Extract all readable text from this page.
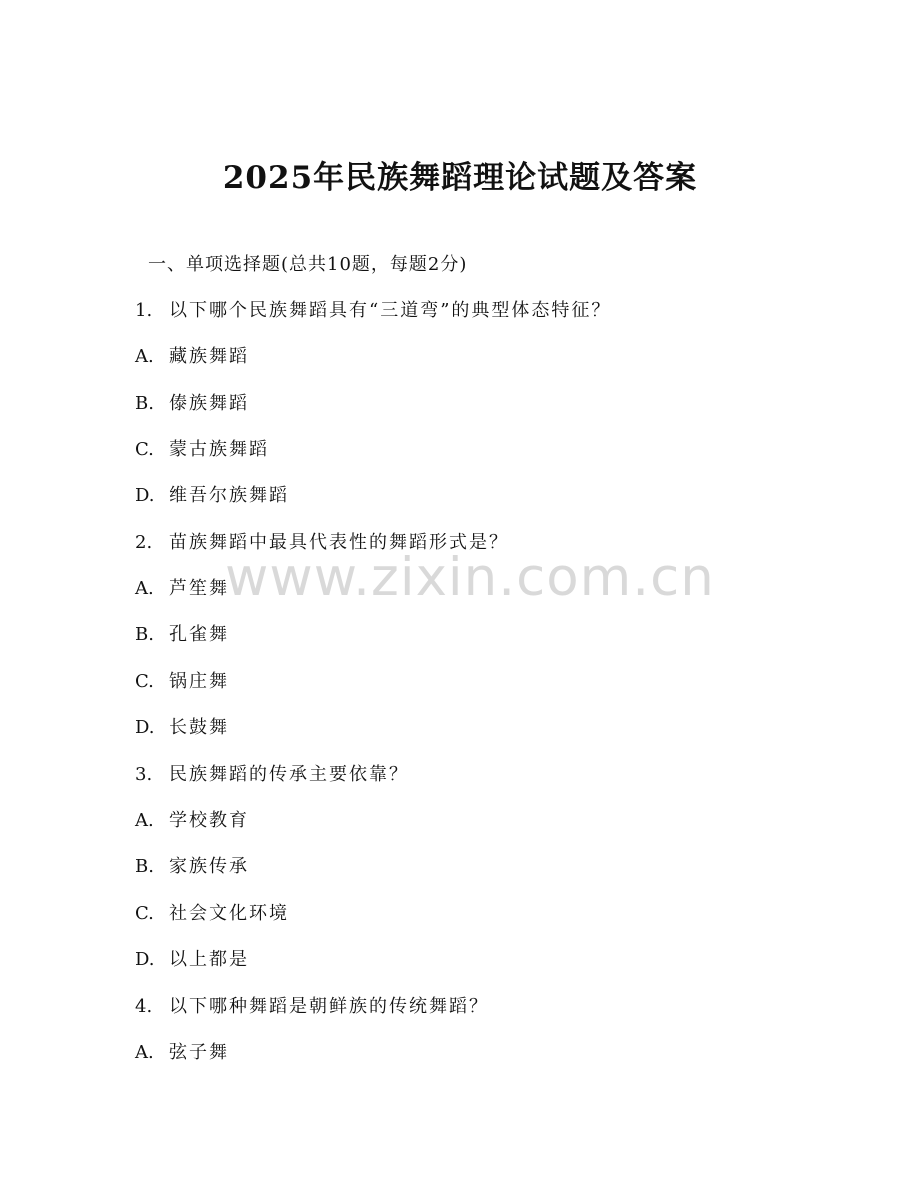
www.zixin.com.cn
2025年民族舞蹈理论试题及答案
一、单项选择题(总共10题，每题2分)
1. 以下哪个民族舞蹈具有“三道弯”的典型体态特征？
A. 藏族舞蹈
B. 傣族舞蹈
C. 蒙古族舞蹈
D. 维吾尔族舞蹈
2. 苗族舞蹈中最具代表性的舞蹈形式是？
A. 芦笙舞
B. 孔雀舞
C. 锅庄舞
D. 长鼓舞
3. 民族舞蹈的传承主要依靠？
A. 学校教育
B. 家族传承
C. 社会文化环境
D. 以上都是
4. 以下哪种舞蹈是朝鲜族的传统舞蹈？
A. 弦子舞
